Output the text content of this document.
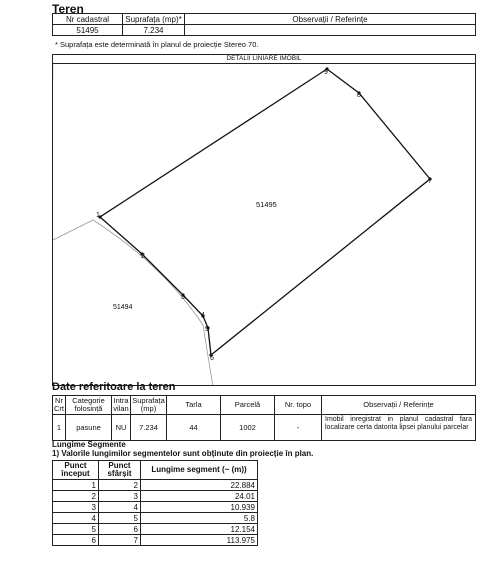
Teren
Nr cadastral	Suprafața (mp)*	Observații / Referințe
51495	7.234	
* Suprafața este determinată în planul de proiecție Stereo 70.
1
2
3
4
5
6
7
8
9
51495
51494
DETALII LINIARE IMOBIL
Date referitoare la teren
Nr Crt	Categorie folosință	Intra vilan	Suprafața (mp)	Tarla	Parcelă	Nr. topo	Observații / Referințe
1	pasune	NU	7.234	44	1002	-	Imobil inregistrat in planul cadastral fara localizare certa datorita lipsei planului parcelar
Lungime Segmente
1) Valorile lungimilor segmentelor sunt obținute din proiecție în plan.
Punct început	Punct sfârșit	Lungime segment (~ (m))
1	2	22.884
2	3	24.01
3	4	10.939
4	5	5.8
5	6	12.154
6	7	113.975
